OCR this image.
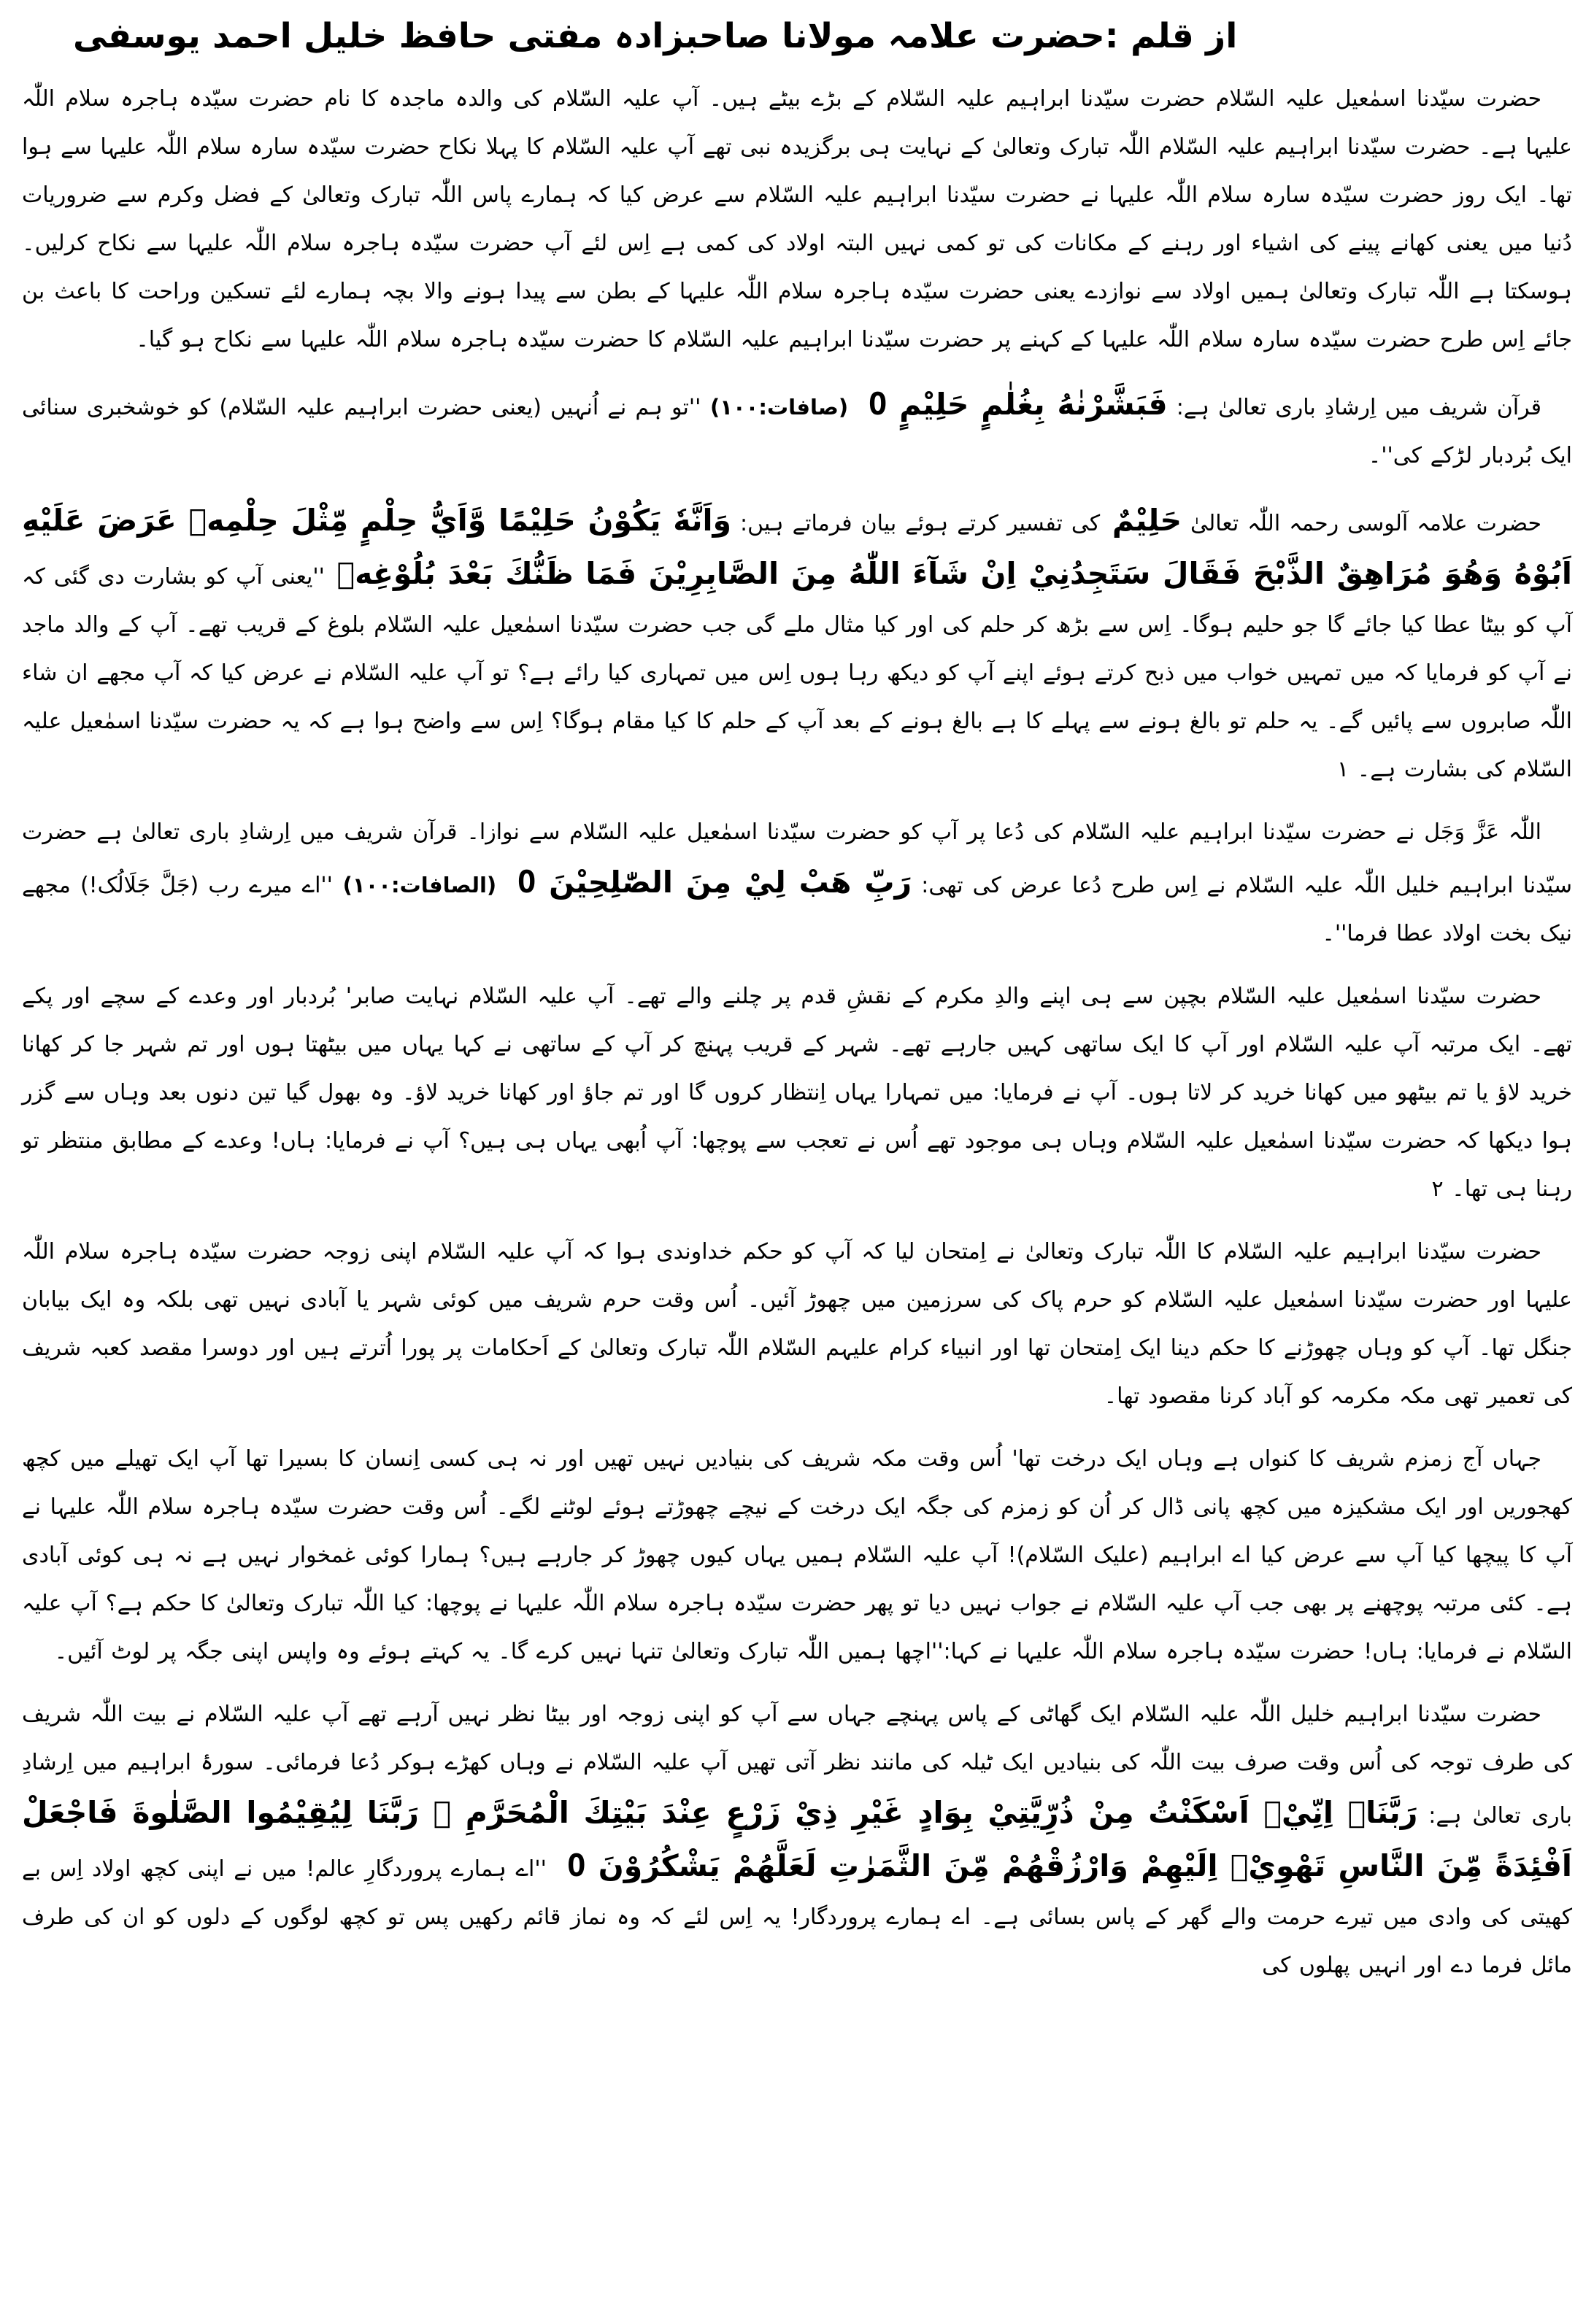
از قلم :حضرت علامہ مولانا صاحبزادہ مفتی حافظ خلیل احمد یوسفی
حضرت سیّدنا اسمٰعیل علیہ السّلام حضرت سیّدنا ابراہیم علیہ السّلام کے بڑے بیٹے ہیں۔ آپ علیہ السّلام کی والدہ ماجدہ کا نام حضرت سیّدہ ہاجرہ سلام اللّٰہ علیہا ہے۔ حضرت سیّدنا ابراہیم علیہ السّلام اللّٰہ تبارک وتعالیٰ کے نہایت ہی برگزیدہ نبی تھے آپ علیہ السّلام کا پہلا نکاح حضرت سیّدہ سارہ سلام اللّٰہ علیہا سے ہوا تھا۔ ایک روز حضرت سیّدہ سارہ سلام اللّٰہ علیہا نے حضرت سیّدنا ابراہیم علیہ السّلام سے عرض کیا کہ ہمارے پاس اللّٰہ تبارک وتعالیٰ کے فضل وکرم سے ضروریات دُنیا میں یعنی کھانے پینے کی اشیاء اور رہنے کے مکانات کی تو کمی نہیں البتہ اولاد کی کمی ہے اِس لئے آپ حضرت سیّدہ ہاجرہ سلام اللّٰہ علیہا سے نکاح کرلیں۔ ہوسکتا ہے اللّٰہ تبارک وتعالیٰ ہمیں اولاد سے نوازدے یعنی حضرت سیّدہ ہاجرہ سلام اللّٰہ علیہا کے بطن سے پیدا ہونے والا بچہ ہمارے لئے تسکین وراحت کا باعث بن جائے اِس طرح حضرت سیّدہ سارہ سلام اللّٰہ علیہا کے کہنے پر حضرت سیّدنا ابراہیم علیہ السّلام کا حضرت سیّدہ ہاجرہ سلام اللّٰہ علیہا سے نکاح ہو گیا۔
قرآن شریف میں اِرشادِ باری تعالیٰ ہے: فَبَشَّرْنٰهُ بِغُلٰمٍ حَلِيْمٍ O (صافات:۱۰۰) ''تو ہم نے اُنہیں (یعنی حضرت ابراہیم علیہ السّلام) کو خوشخبری سنائی ایک بُردبار لڑکے کی''۔
حضرت علامہ آلوسی رحمہ اللّٰہ تعالیٰ حَلِيْمٌ کی تفسیر کرتے ہوئے بیان فرماتے ہیں: وَاَنَّهٗ يَكُوْنُ حَلِيْمًا وَّاَيُّ حِلْمٍ مِّثْلَ حِلْمِهٖ عَرَضَ عَلَيْهِ اَبُوْهُ وَهُوَ مُرَاهِقٌ الذَّبْحَ فَقَالَ سَتَجِدُنِيْ اِنْ شَآءَ اللّٰهُ مِنَ الصَّابِرِيْنَ فَمَا ظَنُّكَ بَعْدَ بُلُوْغِهٖ ''یعنی آپ کو بشارت دی گئی کہ آپ کو بیٹا عطا کیا جائے گا جو حلیم ہوگا۔ اِس سے بڑھ کر حلم کی اور کیا مثال ملے گی جب حضرت سیّدنا اسمٰعیل علیہ السّلام بلوغ کے قریب تھے۔ آپ کے والد ماجد نے آپ کو فرمایا کہ میں تمہیں خواب میں ذبح کرتے ہوئے اپنے آپ کو دیکھ رہا ہوں اِس میں تمہاری کیا رائے ہے؟ تو آپ علیہ السّلام نے عرض کیا کہ آپ مجھے ان شاء اللّٰہ صابروں سے پائیں گے۔ یہ حلم تو بالغ ہونے سے پہلے کا ہے بالغ ہونے کے بعد آپ کے حلم کا کیا مقام ہوگا؟ اِس سے واضح ہوا ہے کہ یہ حضرت سیّدنا اسمٰعیل علیہ السّلام کی بشارت ہے۔ ۱
اللّٰہ عَزَّ وَجَل نے حضرت سیّدنا ابراہیم علیہ السّلام کی دُعا پر آپ کو حضرت سیّدنا اسمٰعیل علیہ السّلام سے نوازا۔ قرآن شریف میں اِرشادِ باری تعالیٰ ہے حضرت سیّدنا ابراہیم خلیل اللّٰہ علیہ السّلام نے اِس طرح دُعا عرض کی تھی: رَبِّ هَبْ لِيْ مِنَ الصّٰلِحِيْنَ O (الصافات:۱۰۰) ''اے میرے رب (جَلَّ جَلَالُک!) مجھے نیک بخت اولاد عطا فرما''۔
حضرت سیّدنا اسمٰعیل علیہ السّلام بچپن سے ہی اپنے والدِ مکرم کے نقشِ قدم پر چلنے والے تھے۔ آپ علیہ السّلام نہایت صابر' بُردبار اور وعدے کے سچے اور پکے تھے۔ ایک مرتبہ آپ علیہ السّلام اور آپ کا ایک ساتھی کہیں جارہے تھے۔ شہر کے قریب پہنچ کر آپ کے ساتھی نے کہا یہاں میں بیٹھتا ہوں اور تم شہر جا کر کھانا خرید لاؤ یا تم بیٹھو میں کھانا خرید کر لاتا ہوں۔ آپ نے فرمایا: میں تمہارا یہاں اِنتظار کروں گا اور تم جاؤ اور کھانا خرید لاؤ۔ وہ بھول گیا تین دنوں بعد وہاں سے گزر ہوا دیکھا کہ حضرت سیّدنا اسمٰعیل علیہ السّلام وہاں ہی موجود تھے اُس نے تعجب سے پوچھا: آپ اُبھی یہاں ہی ہیں؟ آپ نے فرمایا: ہاں! وعدے کے مطابق منتظر تو رہنا ہی تھا۔ ۲
حضرت سیّدنا ابراہیم علیہ السّلام کا اللّٰہ تبارک وتعالیٰ نے اِمتحان لیا کہ آپ کو حکم خداوندی ہوا کہ آپ علیہ السّلام اپنی زوجہ حضرت سیّدہ ہاجرہ سلام اللّٰہ علیہا اور حضرت سیّدنا اسمٰعیل علیہ السّلام کو حرم پاک کی سرزمین میں چھوڑ آئیں۔ اُس وقت حرم شریف میں کوئی شہر یا آبادی نہیں تھی بلکہ وہ ایک بیابان جنگل تھا۔ آپ کو وہاں چھوڑنے کا حکم دینا ایک اِمتحان تھا اور انبیاء کرام علیہم السّلام اللّٰہ تبارک وتعالیٰ کے اَحکامات پر پورا اُترتے ہیں اور دوسرا مقصد کعبہ شریف کی تعمیر تھی مکہ مکرمہ کو آباد کرنا مقصود تھا۔
جہاں آج زمزم شریف کا کنواں ہے وہاں ایک درخت تھا' اُس وقت مکہ شریف کی بنیادیں نہیں تھیں اور نہ ہی کسی اِنسان کا بسیرا تھا آپ ایک تھیلے میں کچھ کھجوریں اور ایک مشکیزہ میں کچھ پانی ڈال کر اُن کو زمزم کی جگہ ایک درخت کے نیچے چھوڑتے ہوئے لوٹنے لگے۔ اُس وقت حضرت سیّدہ ہاجرہ سلام اللّٰہ علیہا نے آپ کا پیچھا کیا آپ سے عرض کیا اے ابراہیم (علیک السّلام)! آپ علیہ السّلام ہمیں یہاں کیوں چھوڑ کر جارہے ہیں؟ ہمارا کوئی غمخوار نہیں ہے نہ ہی کوئی آبادی ہے۔ کئی مرتبہ پوچھنے پر بھی جب آپ علیہ السّلام نے جواب نہیں دیا تو پھر حضرت سیّدہ ہاجرہ سلام اللّٰہ علیہا نے پوچھا: کیا اللّٰہ تبارک وتعالیٰ کا حکم ہے؟ آپ علیہ السّلام نے فرمایا: ہاں! حضرت سیّدہ ہاجرہ سلام اللّٰہ علیہا نے کہا:''اچھا ہمیں اللّٰہ تبارک وتعالیٰ تنہا نہیں کرے گا۔ یہ کہتے ہوئے وہ واپس اپنی جگہ پر لوٹ آئیں۔
حضرت سیّدنا ابراہیم خلیل اللّٰہ علیہ السّلام ایک گھاٹی کے پاس پہنچے جہاں سے آپ کو اپنی زوجہ اور بیٹا نظر نہیں آرہے تھے آپ علیہ السّلام نے بیت اللّٰہ شریف کی طرف توجہ کی اُس وقت صرف بیت اللّٰہ کی بنیادیں ایک ٹیلہ کی مانند نظر آتی تھیں آپ علیہ السّلام نے وہاں کھڑے ہوکر دُعا فرمائی۔ سورۂ ابراہیم میں اِرشادِ باری تعالیٰ ہے: رَبَّنَاۤ اِنِّيْۤ اَسْكَنْتُ مِنْ ذُرِّيَّتِيْ بِوَادٍ غَيْرِ ذِيْ زَرْعٍ عِنْدَ بَيْتِكَ الْمُحَرَّمِ ۙ رَبَّنَا لِيُقِيْمُوا الصَّلٰوةَ فَاجْعَلْ اَفْئِدَةً مِّنَ النَّاسِ تَهْوِيْۤ اِلَيْهِمْ وَارْزُقْهُمْ مِّنَ الثَّمَرٰتِ لَعَلَّهُمْ يَشْكُرُوْنَ O ''اے ہمارے پروردگارِ عالم! میں نے اپنی کچھ اولاد اِس بے کھیتی کی وادی میں تیرے حرمت والے گھر کے پاس بسائی ہے۔ اے ہمارے پروردگار! یہ اِس لئے کہ وہ نماز قائم رکھیں پس تو کچھ لوگوں کے دلوں کو ان کی طرف مائل فرما دے اور انہیں پھلوں کی
